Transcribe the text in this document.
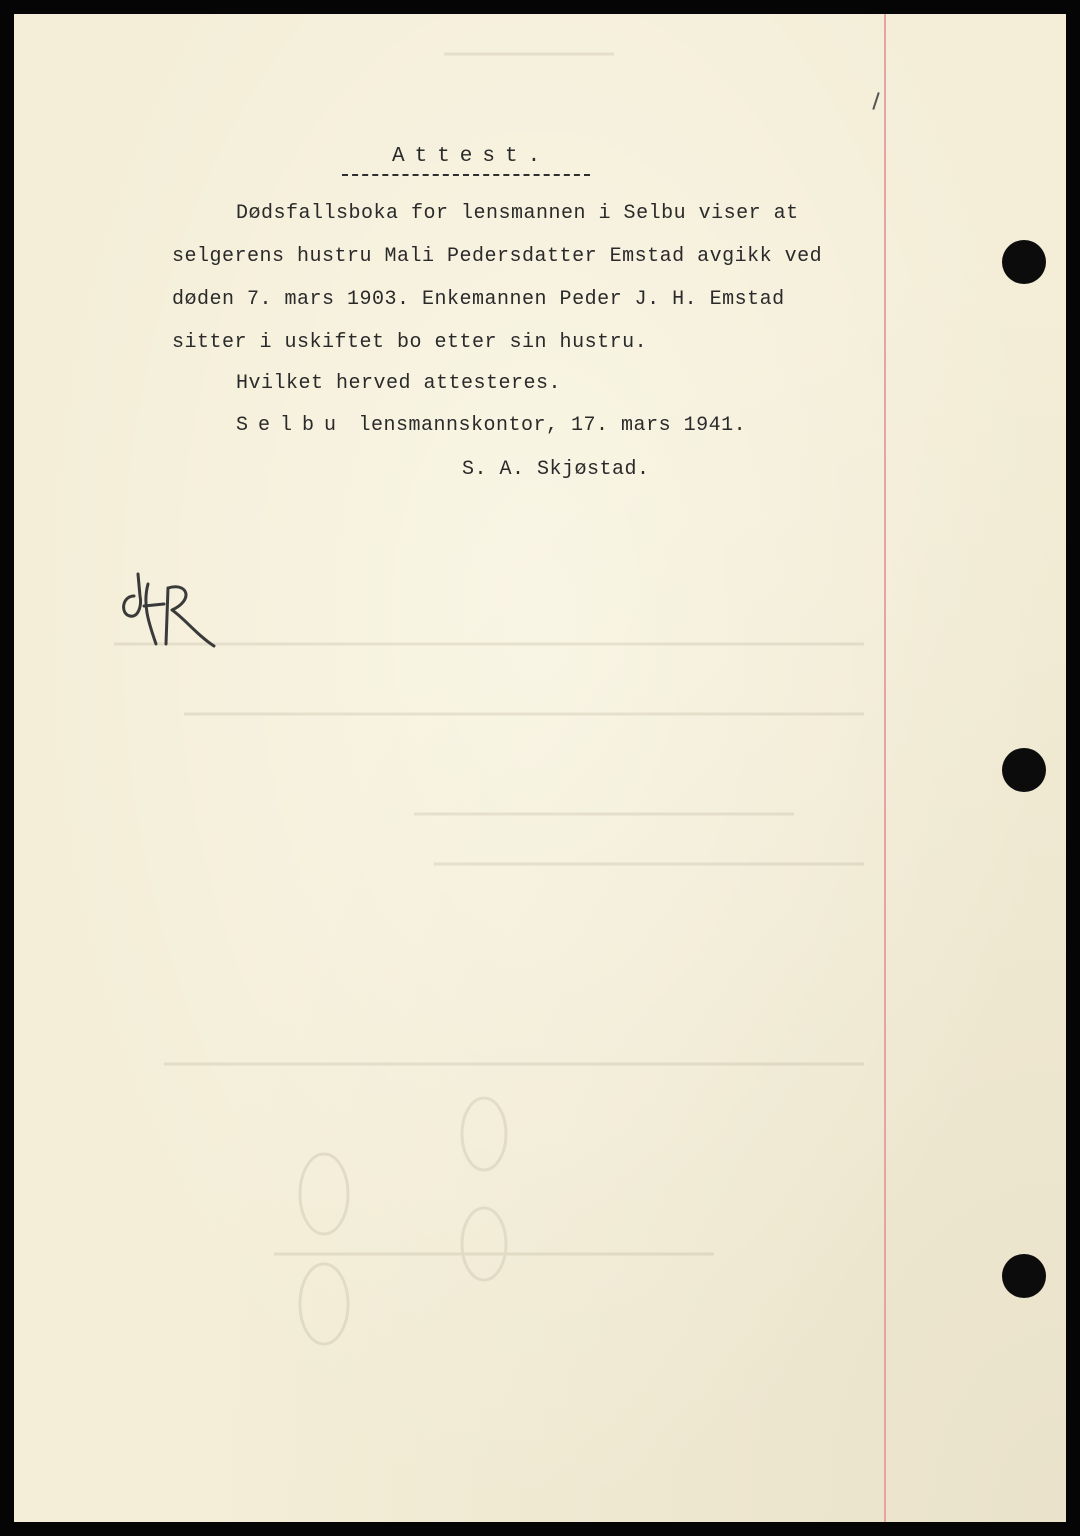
Attest.
Dødsfallsboka for lensmannen i Selbu viser at
selgerens hustru Mali Pedersdatter Emstad avgikk ved
døden 7. mars 1903. Enkemannen Peder J. H. Emstad
sitter i uskiftet bo etter sin hustru.
Hvilket herved attesteres.
Selbu lensmannskontor, 17. mars 1941.
S. A. Skjøstad.
